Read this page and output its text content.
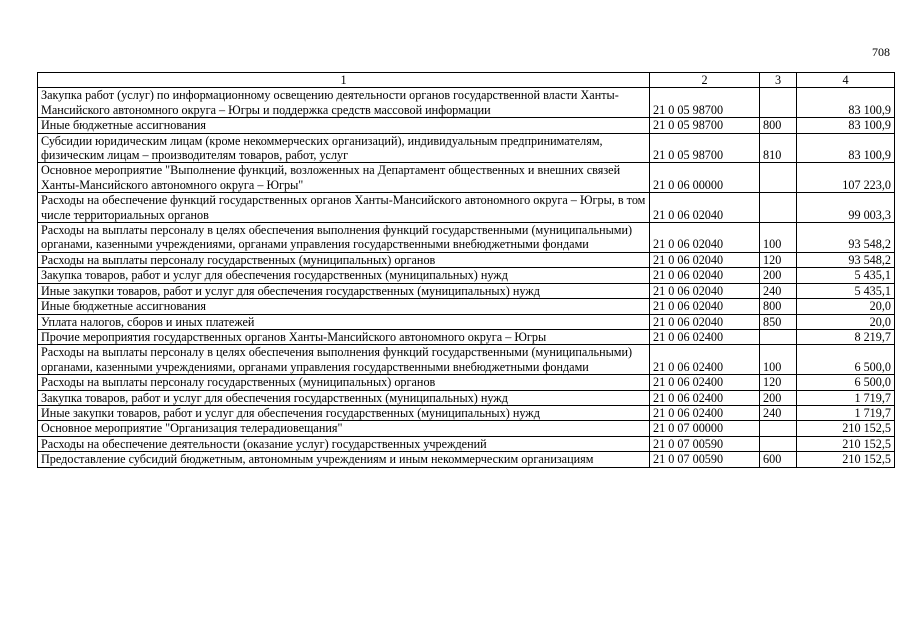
708
1	2	3	4
Закупка работ (услуг) по информационному освещению деятельности органов государственной власти Ханты-Мансийского автономного округа – Югры и поддержка средств массовой информации	21 0 05 98700		83 100,9
Иные бюджетные ассигнования	21 0 05 98700	800	83 100,9
Субсидии юридическим лицам (кроме некоммерческих организаций), индивидуальным предпринимателям, физическим лицам – производителям товаров, работ, услуг	21 0 05 98700	810	83 100,9
Основное мероприятие "Выполнение функций, возложенных на Департамент общественных и внешних связей Ханты-Мансийского автономного округа – Югры"	21 0 06 00000		107 223,0
Расходы на обеспечение функций государственных органов Ханты-Мансийского автономного округа – Югры, в том числе территориальных органов	21 0 06 02040		99 003,3
Расходы на выплаты персоналу в целях обеспечения выполнения функций государственными (муниципальными) органами, казенными учреждениями, органами управления государственными внебюджетными фондами	21 0 06 02040	100	93 548,2
Расходы на выплаты персоналу государственных (муниципальных) органов	21 0 06 02040	120	93 548,2
Закупка товаров, работ и услуг для обеспечения государственных (муниципальных) нужд	21 0 06 02040	200	5 435,1
Иные закупки товаров, работ и услуг для обеспечения государственных (муниципальных) нужд	21 0 06 02040	240	5 435,1
Иные бюджетные ассигнования	21 0 06 02040	800	20,0
Уплата налогов, сборов и иных платежей	21 0 06 02040	850	20,0
Прочие мероприятия государственных органов Ханты-Мансийского автономного округа – Югры	21 0 06 02400		8 219,7
Расходы на выплаты персоналу в целях обеспечения выполнения функций государственными (муниципальными) органами, казенными учреждениями, органами управления государственными внебюджетными фондами	21 0 06 02400	100	6 500,0
Расходы на выплаты персоналу государственных (муниципальных) органов	21 0 06 02400	120	6 500,0
Закупка товаров, работ и услуг для обеспечения государственных (муниципальных) нужд	21 0 06 02400	200	1 719,7
Иные закупки товаров, работ и услуг для обеспечения государственных (муниципальных) нужд	21 0 06 02400	240	1 719,7
Основное мероприятие "Организация телерадиовещания"	21 0 07 00000		210 152,5
Расходы на обеспечение деятельности (оказание услуг) государственных учреждений	21 0 07 00590		210 152,5
Предоставление субсидий бюджетным, автономным учреждениям и иным некоммерческим организациям	21 0 07 00590	600	210 152,5
